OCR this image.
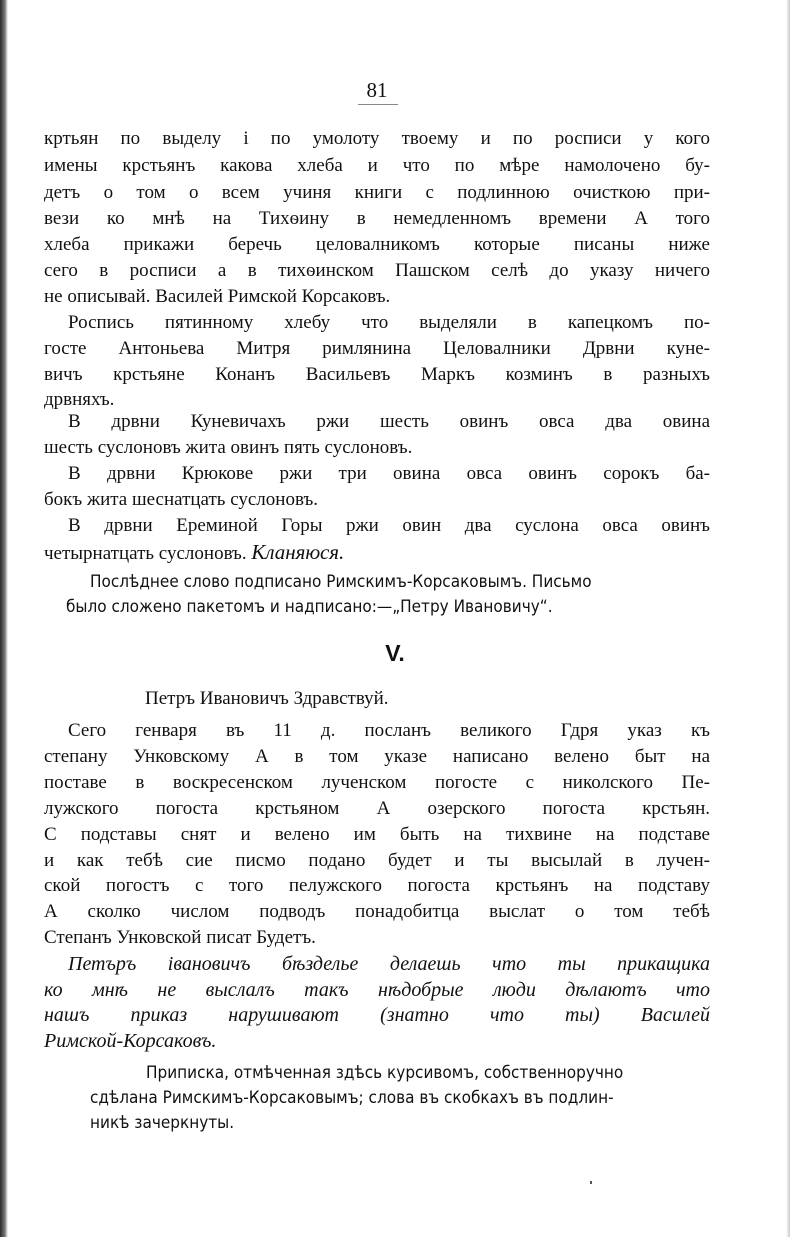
81
кртьян по выделу і по умолоту твоему и по росписи у кого
имены крстьянъ какова хлеба и что по мѣре намолочено бу-
детъ о том о всем учиня книги с подлинною очисткою при-
вези ко мнѣ на Тихѳину в немедленномъ времени А того
хлеба прикажи беречь целовалникомъ которые писаны ниже
сего в росписи а в тихѳинском Пашском селѣ до указу ничего
не описывай. Василей Римской Корсаковъ.
Роспись пятинному хлебу что выделяли в капецкомъ по-
госте Антоньева Митря римлянина Целовалники Дрвни куне-
вичъ крстьяне Конанъ Васильевъ Маркъ козминъ в разныхъ
дрвняхъ.
В дрвни Куневичахъ ржи шесть овинъ овса два овина
шесть суслоновъ жита овинъ пять суслоновъ.
В дрвни Крюкове ржи три овина овса овинъ сорокъ ба-
бокъ жита шеснатцать суслоновъ.
В дрвни Ереминой Горы ржи овин два суслона овса овинъ
четырнатцать суслоновъ. Кланяюся.
Послѣднее слово подписано Римскимъ-Корсаковымъ. Письмо
было сложено пакетомъ и надписано:—„Петру Ивановичу“.
V.
Петръ Ивановичъ Здравствуй.
Сего генваря въ 11 д. посланъ великого Гдря указ къ
степану Унковскому А в том указе написано велено быт на
поставе в воскресенском лученском погосте с николского Пе-
лужского погоста крстьяном А озерского погоста крстьян.
С подставы снят и велено им быть на тихвине на подставе
и как тебѣ сие писмо подано будет и ты высылай в лучен-
ской погостъ с того пелужского погоста крстьянъ на подставу
А сколко числом подводъ понадобитца выслат о том тебѣ
Степанъ Унковской писат Будетъ.
Петъръ івановичъ бѣзделье делаешь что ты прикащика
ко мнѣ не выслалъ такъ нѣдобрые люди дѣлаютъ что
нашъ приказ нарушивают (знатно что ты) Василей
Римской-Корсаковъ.
Приписка, отмѣченная здѣсь курсивомъ, собственноручно
сдѣлана Римскимъ-Корсаковымъ; слова въ скобкахъ въ подлин-
никѣ зачеркнуты.
